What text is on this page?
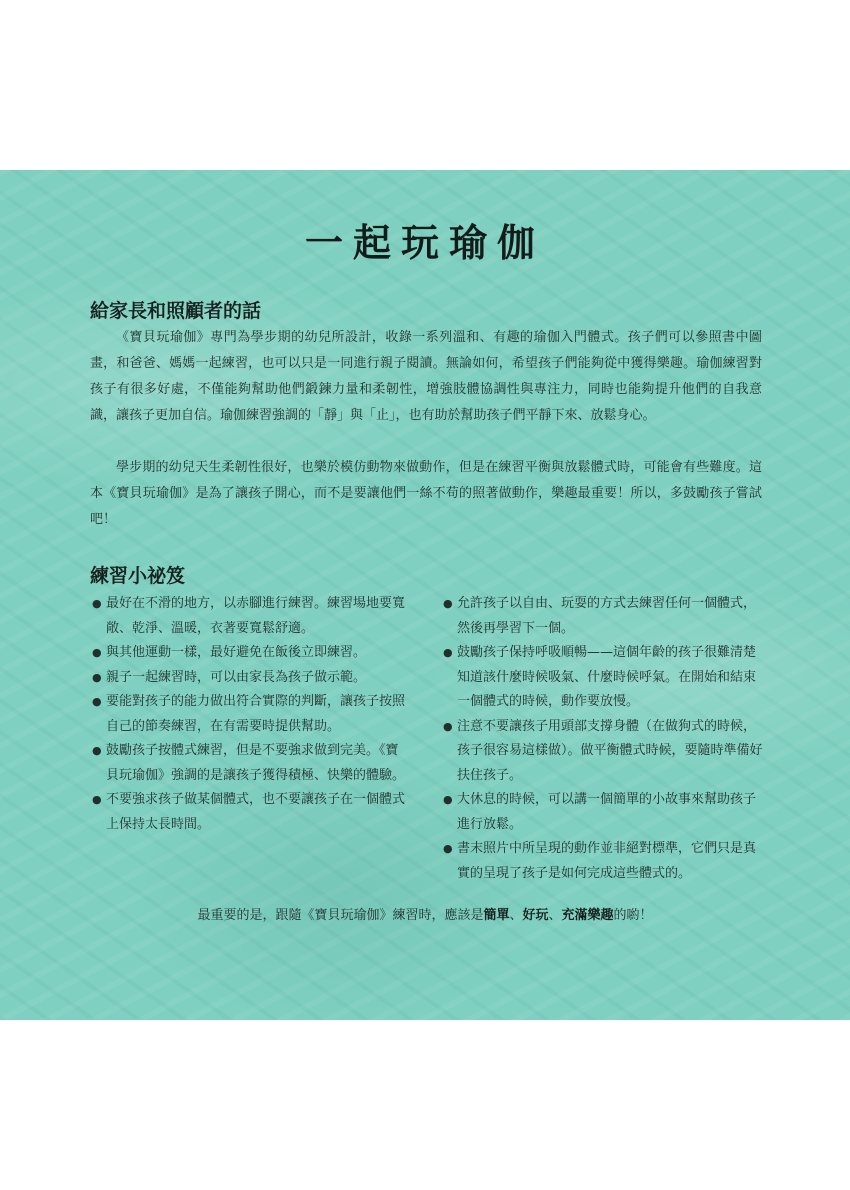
一起玩瑜伽
給家長和照顧者的話

《寶貝玩瑜伽》專門為學步期的幼兒所設計，收錄一系列溫和、有趣的瑜伽入門體式。孩子們可以參照書中圖畫，和爸爸、媽媽一起練習，也可以只是一同進行親子閱讀。無論如何，希望孩子們能夠從中獲得樂趣。瑜伽練習對孩子有很多好處，不僅能夠幫助他們鍛鍊力量和柔韌性，增強肢體協調性與專注力，同時也能夠提升他們的自我意識，讓孩子更加自信。瑜伽練習強調的「靜」與「止」，也有助於幫助孩子們平靜下來、放鬆身心。

學步期的幼兒天生柔韌性很好，也樂於模仿動物來做動作，但是在練習平衡與放鬆體式時，可能會有些難度。這本《寶貝玩瑜伽》是為了讓孩子開心，而不是要讓他們一絲不苟的照著做動作，樂趣最重要！所以，多鼓勵孩子嘗試吧！

練習小祕笈
● 最好在不滑的地方，以赤腳進行練習。練習場地要寬敞、乾淨、溫暖，衣著要寬鬆舒適。
● 與其他運動一樣，最好避免在飯後立即練習。
● 親子一起練習時，可以由家長為孩子做示範。
● 要能對孩子的能力做出符合實際的判斷，讓孩子按照自己的節奏練習，在有需要時提供幫助。
● 鼓勵孩子按體式練習，但是不要強求做到完美。《寶貝玩瑜伽》強調的是讓孩子獲得積極、快樂的體驗。
● 不要強求孩子做某個體式，也不要讓孩子在一個體式上保持太長時間。
● 允許孩子以自由、玩耍的方式去練習任何一個體式，然後再學習下一個。
● 鼓勵孩子保持呼吸順暢——這個年齡的孩子很難清楚知道該什麼時候吸氣、什麼時候呼氣。在開始和結束一個體式的時候，動作要放慢。
● 注意不要讓孩子用頭部支撐身體（在做狗式的時候，孩子很容易這樣做）。做平衡體式時候，要隨時準備好扶住孩子。
● 大休息的時候，可以講一個簡單的小故事來幫助孩子進行放鬆。
● 書末照片中所呈現的動作並非絕對標準，它們只是真實的呈現了孩子是如何完成這些體式的。

最重要的是，跟隨《寶貝玩瑜伽》練習時，應該是簡單、好玩、充滿樂趣的喲！
